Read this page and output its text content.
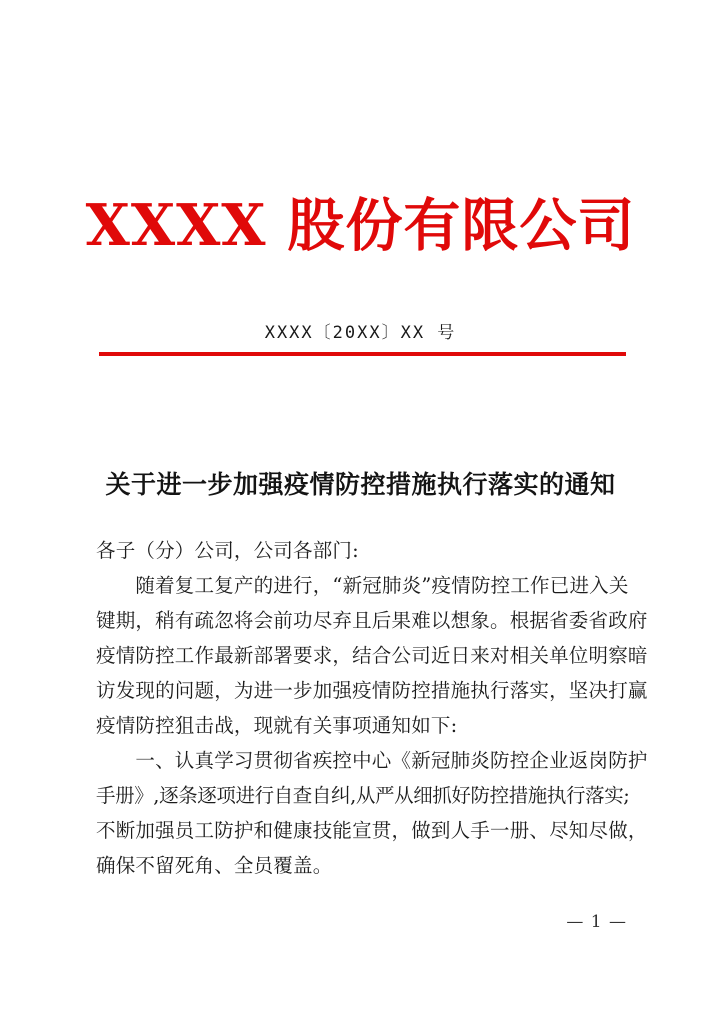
XXXX 股份有限公司
XXXX〔20XX〕XX 号
关于进一步加强疫情防控措施执行落实的通知
各子（分）公司，公司各部门:
　　随着复工复产的进行，“新冠肺炎”疫情防控工作已进入关
键期，稍有疏忽将会前功尽弃且后果难以想象。根据省委省政府
疫情防控工作最新部署要求，结合公司近日来对相关单位明察暗
访发现的问题，为进一步加强疫情防控措施执行落实，坚决打赢
疫情防控狙击战，现就有关事项通知如下:
　　一、认真学习贯彻省疾控中心《新冠肺炎防控企业返岗防护
手册》,逐条逐项进行自查自纠,从严从细抓好防控措施执行落实;
不断加强员工防护和健康技能宣贯，做到人手一册、尽知尽做，
确保不留死角、全员覆盖。
— 1 —
